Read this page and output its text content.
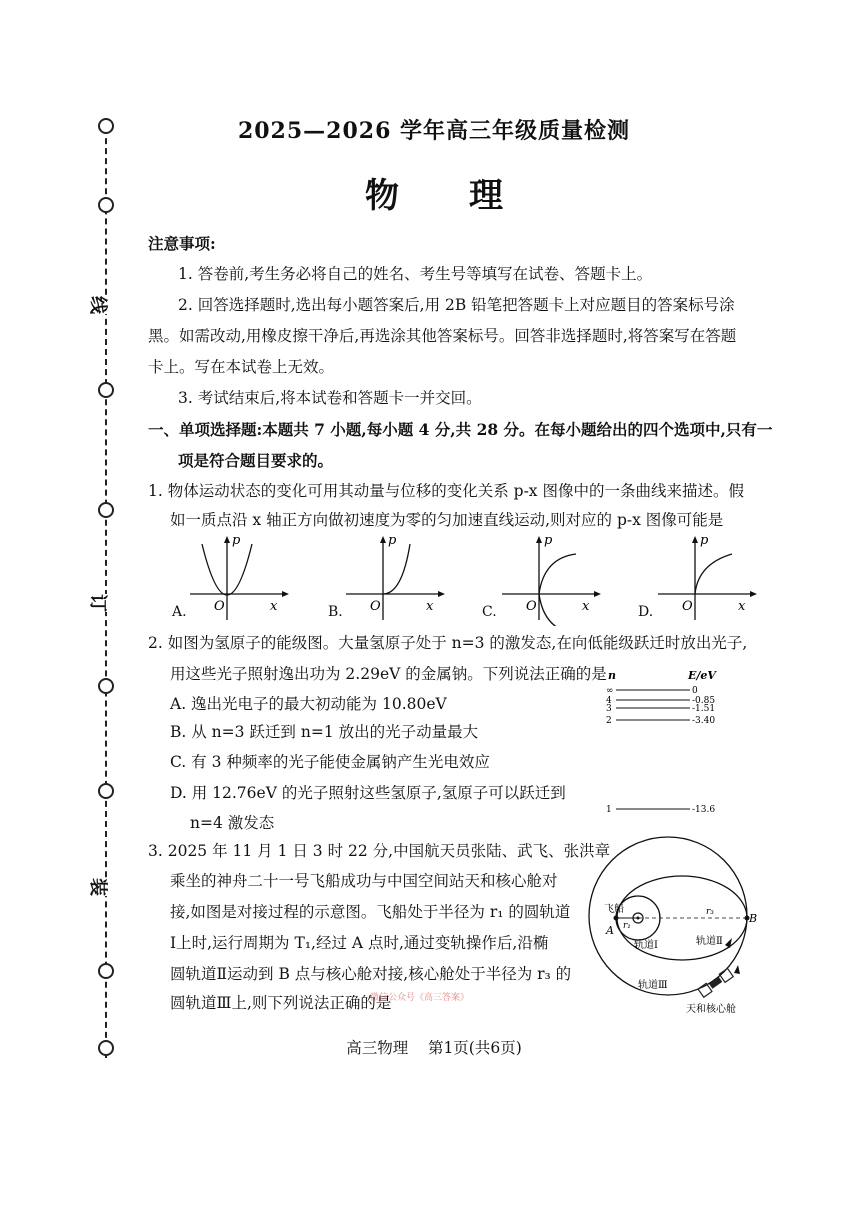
线
订
装
2025—2026 学年高三年级质量检测
物理
注意事项:
1. 答卷前,考生务必将自己的姓名、考生号等填写在试卷、答题卡上。
2. 回答选择题时,选出每小题答案后,用 2B 铅笔把答题卡上对应题目的答案标号涂
黑。如需改动,用橡皮擦干净后,再选涂其他答案标号。回答非选择题时,将答案写在答题
卡上。写在本试卷上无效。
3. 考试结束后,将本试卷和答题卡一并交回。
一、单项选择题:本题共 7 小题,每小题 4 分,共 28 分。在每小题给出的四个选项中,只有一
项是符合题目要求的。
1. 物体运动状态的变化可用其动量与位移的变化关系 p-x 图像中的一条曲线来描述。假
如一质点沿 x 轴正方向做初速度为零的匀加速直线运动,则对应的 p-x 图像可能是
p
x
O
p
x
O
p
x
O
p
x
O
A.	B.	C.	D.
2. 如图为氢原子的能级图。大量氢原子处于 n=3 的激发态,在向低能级跃迁时放出光子,
用这些光子照射逸出功为 2.29eV 的金属钠。下列说法正确的是
A. 逸出光电子的最大初动能为 10.80eV
B. 从 n=3 跃迁到 n=1 放出的光子动量最大
C. 有 3 种频率的光子能使金属钠产生光电效应
D. 用 12.76eV 的光子照射这些氢原子,氢原子可以跃迁到
n=4 激发态
n	E/eV
∞	0
4	-0.85
3	-1.51
2	-3.40
1	-13.6
3. 2025 年 11 月 1 日 3 时 22 分,中国航天员张陆、武飞、张洪章
乘坐的神舟二十一号飞船成功与中国空间站天和核心舱对
接,如图是对接过程的示意图。飞船处于半径为 r₁ 的圆轨道
Ⅰ上时,运行周期为 T₁,经过 A 点时,通过变轨操作后,沿椭
圆轨道Ⅱ运动到 B 点与核心舱对接,核心舱处于半径为 r₃ 的
圆轨道Ⅲ上,则下列说法正确的是
飞船
A
B
r₁
r₃
轨道Ⅰ	轨道Ⅱ
轨道Ⅲ
天和核心舱
微信公众号《高三答案》
高三物理    第1页(共6页)
